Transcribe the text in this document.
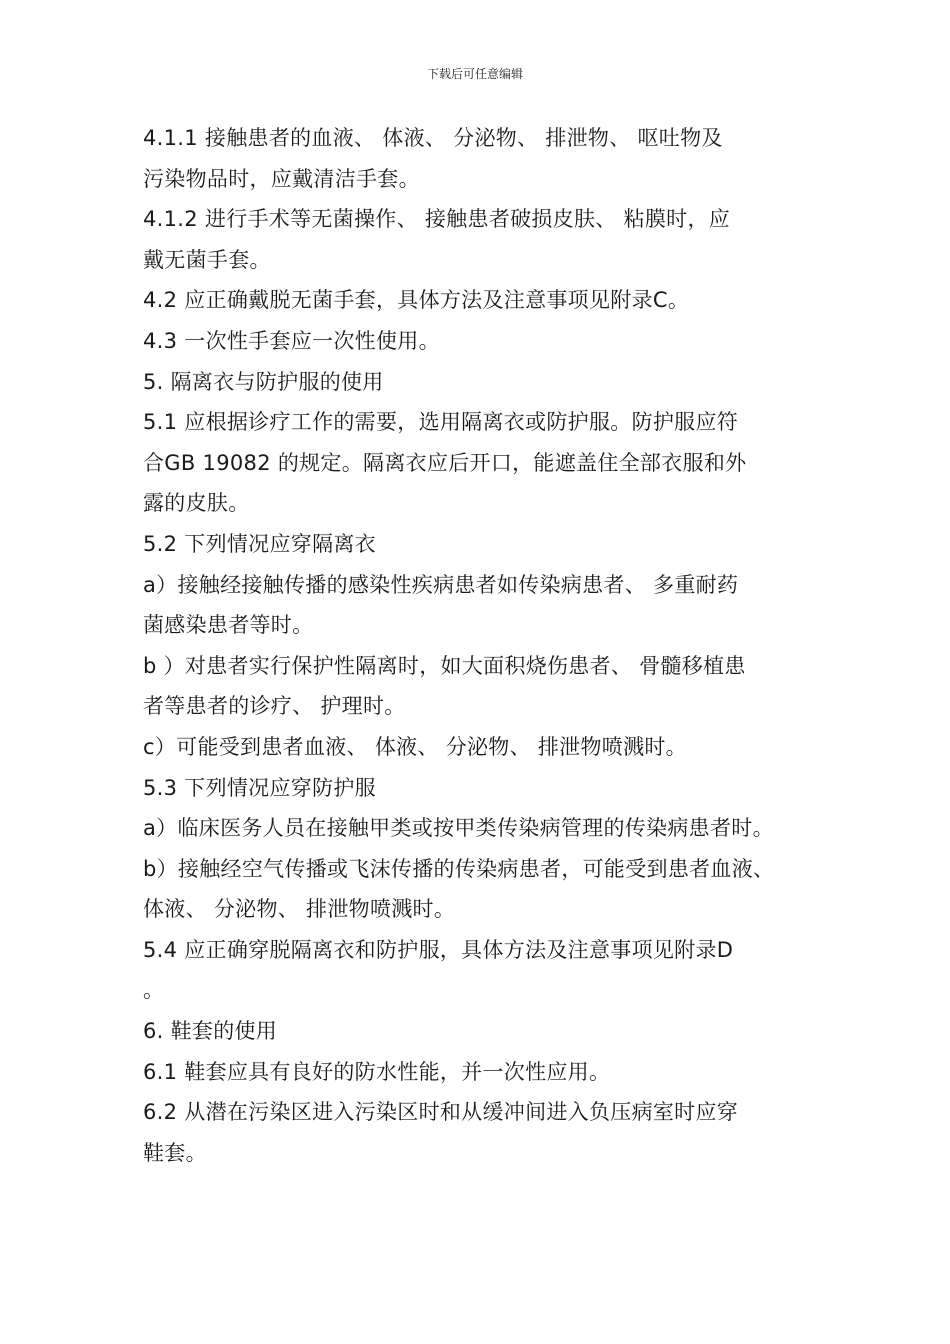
下载后可任意编辑
4.1.1 接触患者的血液、 体液、 分泌物、 排泄物、 呕吐物及
污染物品时，应戴清洁手套。
4.1.2 进行手术等无菌操作、 接触患者破损皮肤、 粘膜时，应
戴无菌手套。
4.2 应正确戴脱无菌手套，具体方法及注意事项见附录C。
4.3 一次性手套应一次性使用。
5. 隔离衣与防护服的使用
5.1 应根据诊疗工作的需要，选用隔离衣或防护服。防护服应符
合GB 19082 的规定。隔离衣应后开口，能遮盖住全部衣服和外
露的皮肤。
5.2 下列情况应穿隔离衣
a）接触经接触传播的感染性疾病患者如传染病患者、 多重耐药
菌感染患者等时。
b ）对患者实行保护性隔离时，如大面积烧伤患者、 骨髓移植患
者等患者的诊疗、 护理时。
c）可能受到患者血液、 体液、 分泌物、 排泄物喷溅时。
5.3 下列情况应穿防护服
a）临床医务人员在接触甲类或按甲类传染病管理的传染病患者时。
b）接触经空气传播或飞沫传播的传染病患者，可能受到患者血液、
体液、 分泌物、 排泄物喷溅时。
5.4 应正确穿脱隔离衣和防护服，具体方法及注意事项见附录D
。
6. 鞋套的使用
6.1 鞋套应具有良好的防水性能，并一次性应用。
6.2 从潜在污染区进入污染区时和从缓冲间进入负压病室时应穿
鞋套。
